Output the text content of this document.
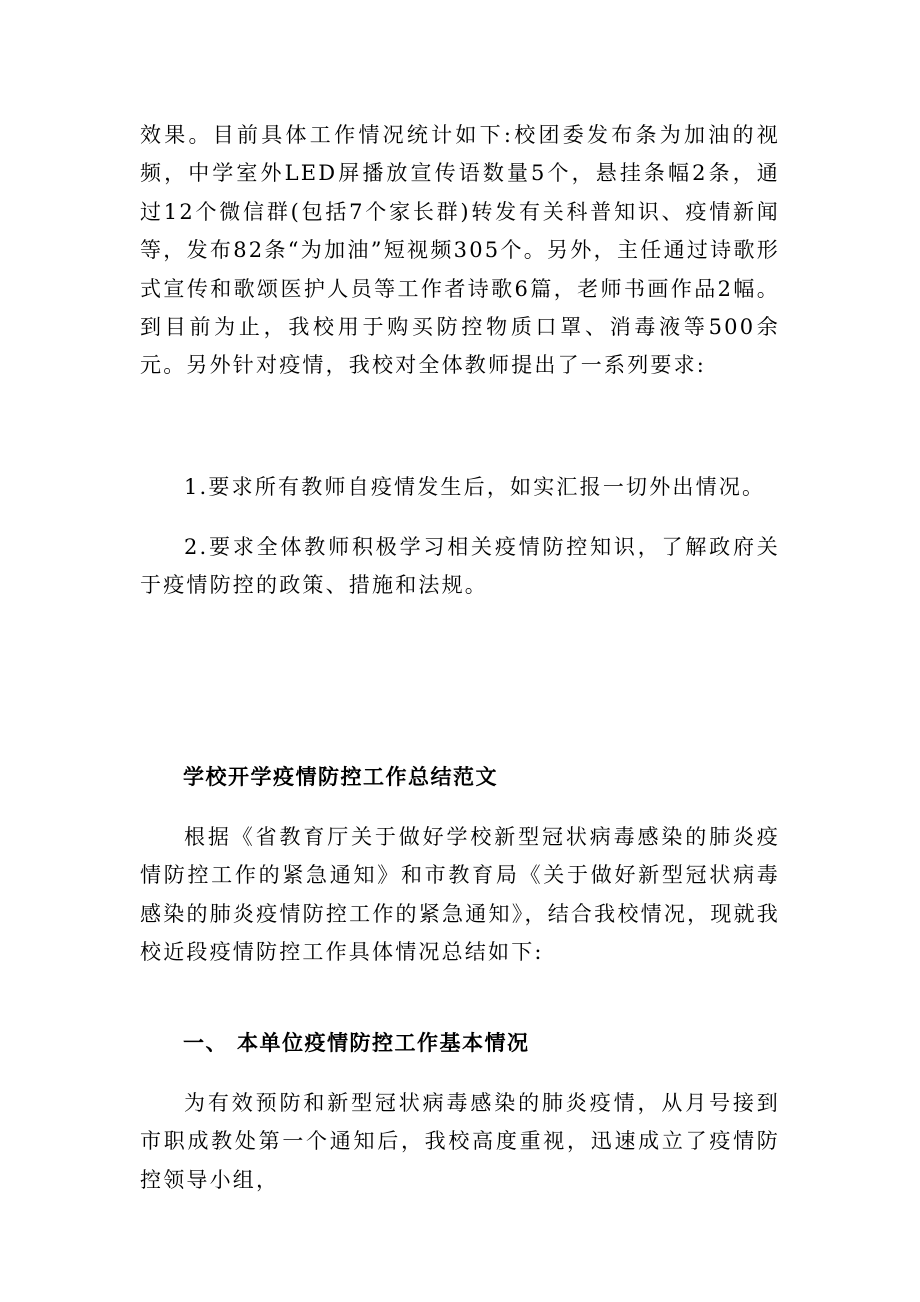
效果。目前具体工作情况统计如下:校团委发布条为加油的视频，中学室外LED屏播放宣传语数量5个，悬挂条幅2条，通过12个微信群(包括7个家长群)转发有关科普知识、疫情新闻等，发布82条“为加油”短视频305个。另外，主任通过诗歌形式宣传和歌颂医护人员等工作者诗歌6篇，老师书画作品2幅。到目前为止，我校用于购买防控物质口罩、消毒液等500余元。另外针对疫情，我校对全体教师提出了一系列要求:

1.要求所有教师自疫情发生后，如实汇报一切外出情况。

2.要求全体教师积极学习相关疫情防控知识，了解政府关于疫情防控的政策、措施和法规。

学校开学疫情防控工作总结范文

根据《省教育厅关于做好学校新型冠状病毒感染的肺炎疫情防控工作的紧急通知》和市教育局《关于做好新型冠状病毒感染的肺炎疫情防控工作的紧急通知》，结合我校情况，现就我校近段疫情防控工作具体情况总结如下:

一、 本单位疫情防控工作基本情况

为有效预防和新型冠状病毒感染的肺炎疫情，从月号接到市职成教处第一个通知后，我校高度重视，迅速成立了疫情防控领导小组，
